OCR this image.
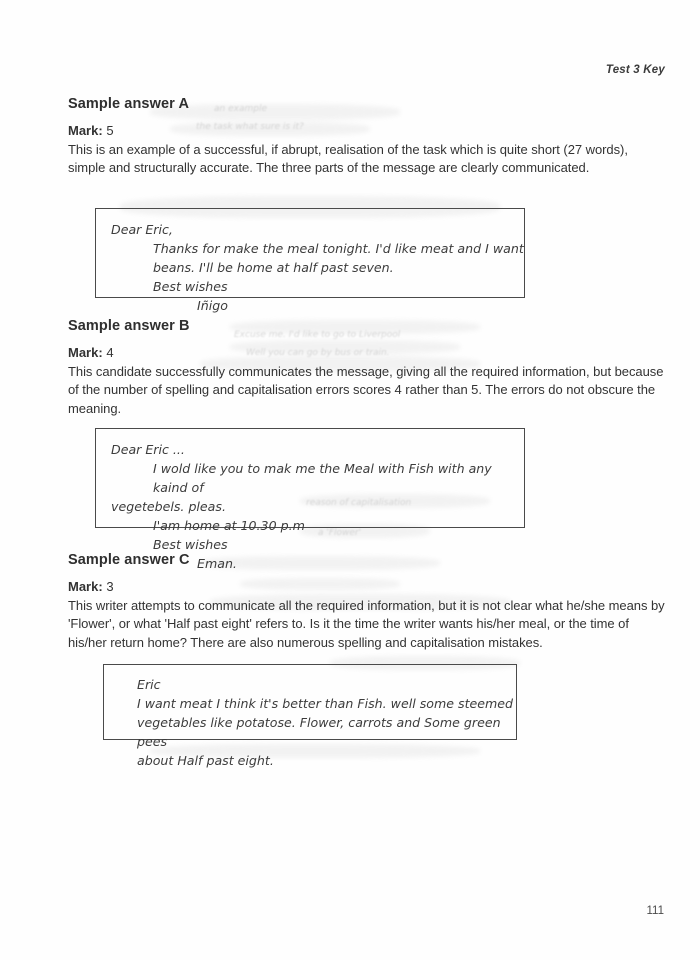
an example
the task what sure is it?
Excuse me. I'd like to go to Liverpool
Well you can go by bus or train.
reason of capitalisation
a 'Flower'
Test 3 Key
Sample answer A

Mark: 5

This is an example of a successful, if abrupt, realisation of the task which is quite short (27 words), simple and structurally accurate. The three parts of the message are clearly communicated.

Dear Eric,
Thanks for make the meal tonight. I'd like meat and I want
beans. I'll be home at half past seven.
Best wishes
Iñigo
Sample answer B

Mark: 4

This candidate successfully communicates the message, giving all the required information, but because of the number of spelling and capitalisation errors scores 4 rather than 5. The errors do not obscure the meaning.

Dear Eric ...
I wold like you to mak me the Meal with Fish with any kaind of
vegetebels. pleas.
I'am home at 10.30 p.m
Best wishes
Eman.
Sample answer C

Mark: 3

This writer attempts to communicate all the required information, but it is not clear what he/she means by 'Flower', or what 'Half past eight' refers to. Is it the time the writer wants his/her meal, or the time of his/her return home? There are also numerous spelling and capitalisation mistakes.

Eric
I want meat I think it's better than Fish. well some steemed
vegetables like potatose. Flower, carrots and Some green pees
about Half past eight.
111
